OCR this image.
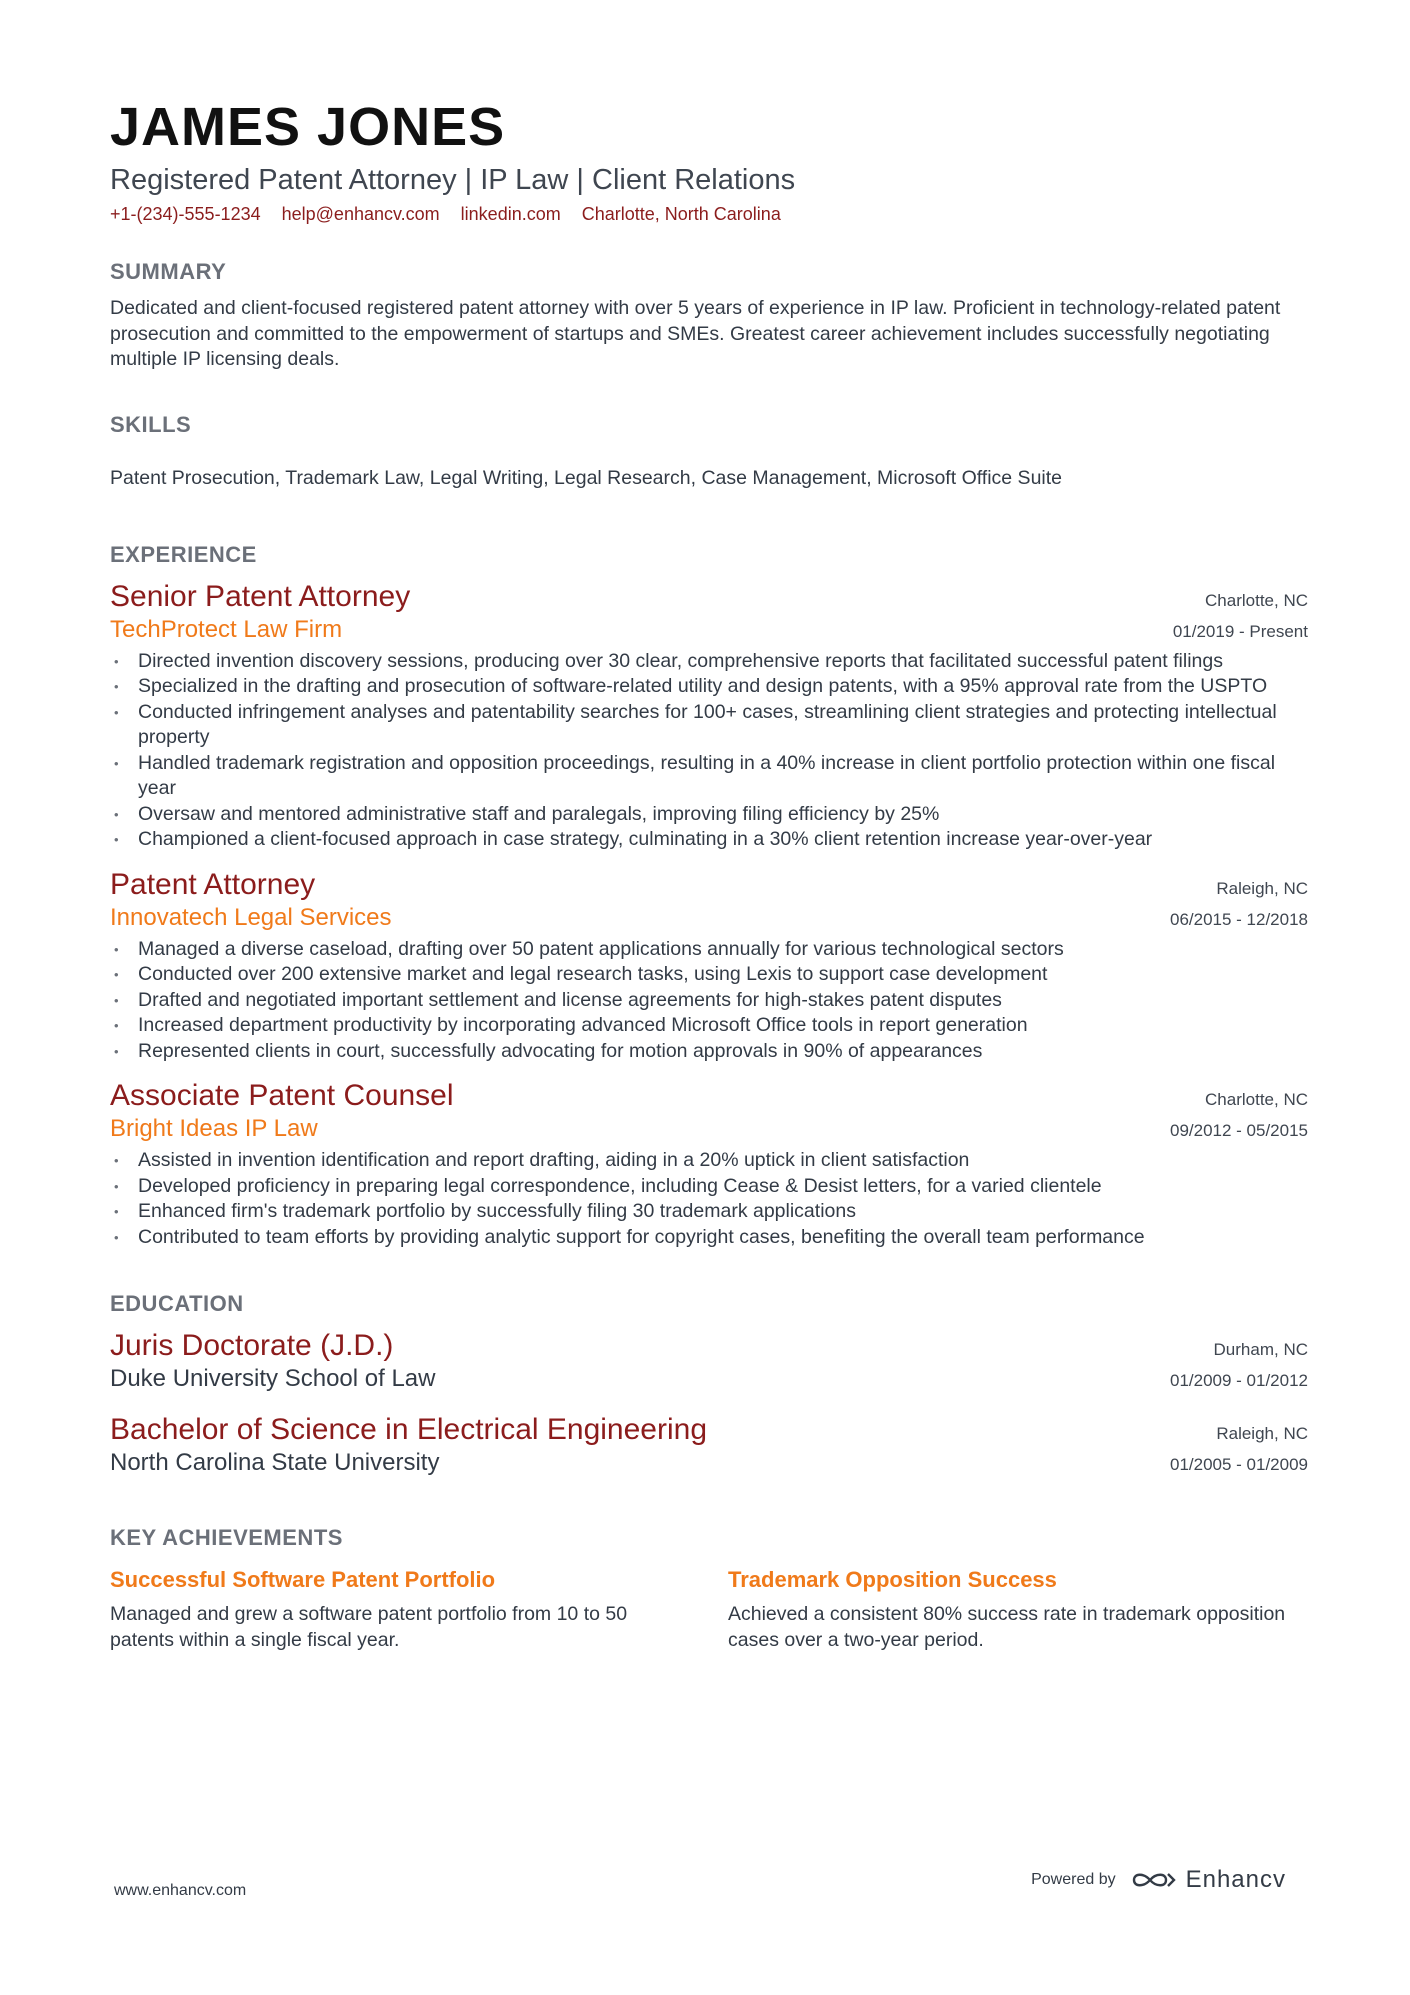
JAMES JONES
Registered Patent Attorney | IP Law | Client Relations
+1-(234)-555-1234 help@enhancv.com linkedin.com Charlotte, North Carolina
SUMMARY
Dedicated and client-focused registered patent attorney with over 5 years of experience in IP law. Proficient in technology-related patent prosecution and committed to the empowerment of startups and SMEs. Greatest career achievement includes successfully negotiating multiple IP licensing deals.
SKILLS
Patent Prosecution, Trademark Law, Legal Writing, Legal Research, Case Management, Microsoft Office Suite
EXPERIENCE
Senior Patent Attorney	Charlotte, NC
TechProtect Law Firm	01/2019 - Present
• Directed invention discovery sessions, producing over 30 clear, comprehensive reports that facilitated successful patent filings
• Specialized in the drafting and prosecution of software-related utility and design patents, with a 95% approval rate from the USPTO
• Conducted infringement analyses and patentability searches for 100+ cases, streamlining client strategies and protecting intellectual property
• Handled trademark registration and opposition proceedings, resulting in a 40% increase in client portfolio protection within one fiscal year
• Oversaw and mentored administrative staff and paralegals, improving filing efficiency by 25%
• Championed a client-focused approach in case strategy, culminating in a 30% client retention increase year-over-year
Patent Attorney	Raleigh, NC
Innovatech Legal Services	06/2015 - 12/2018
• Managed a diverse caseload, drafting over 50 patent applications annually for various technological sectors
• Conducted over 200 extensive market and legal research tasks, using Lexis to support case development
• Drafted and negotiated important settlement and license agreements for high-stakes patent disputes
• Increased department productivity by incorporating advanced Microsoft Office tools in report generation
• Represented clients in court, successfully advocating for motion approvals in 90% of appearances
Associate Patent Counsel	Charlotte, NC
Bright Ideas IP Law	09/2012 - 05/2015
• Assisted in invention identification and report drafting, aiding in a 20% uptick in client satisfaction
• Developed proficiency in preparing legal correspondence, including Cease & Desist letters, for a varied clientele
• Enhanced firm's trademark portfolio by successfully filing 30 trademark applications
• Contributed to team efforts by providing analytic support for copyright cases, benefiting the overall team performance
EDUCATION
Juris Doctorate (J.D.)	Durham, NC
Duke University School of Law	01/2009 - 01/2012
Bachelor of Science in Electrical Engineering	Raleigh, NC
North Carolina State University	01/2005 - 01/2009
KEY ACHIEVEMENTS
Successful Software Patent Portfolio
Managed and grew a software patent portfolio from 10 to 50 patents within a single fiscal year.
Trademark Opposition Success
Achieved a consistent 80% success rate in trademark opposition cases over a two-year period.
www.enhancv.com
Powered by	Enhancv
